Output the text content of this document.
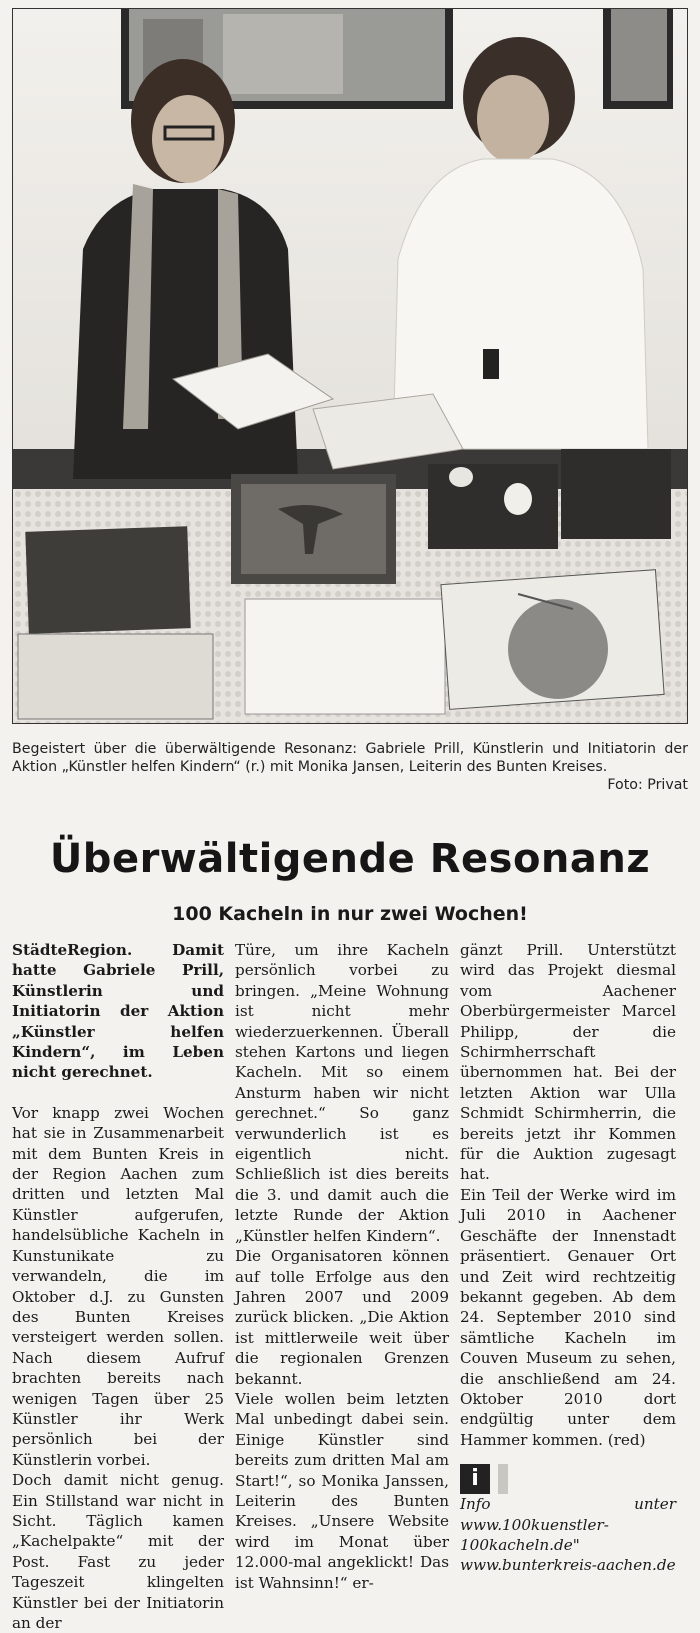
Begeistert über die überwältigende Resonanz: Gabriele Prill, Künstlerin und Initiatorin der Aktion „Künstler helfen Kindern“ (r.) mit Monika Jansen, Leiterin des Bunten Kreises.
Foto: Privat
Überwältigende Resonanz
100 Kacheln in nur zwei Wochen!

StädteRegion. Damit hatte Gabriele Prill, Künstlerin und Initiatorin der Aktion „Künstler helfen Kindern“, im Leben nicht gerechnet.

Vor knapp zwei Wochen hat sie in Zusammenarbeit mit dem Bunten Kreis in der Region Aachen zum dritten und letzten Mal Künstler aufgerufen, handelsübliche Kacheln in Kunstunikate zu verwandeln, die im Oktober d.J. zu Gunsten des Bunten Kreises versteigert werden sollen. Nach diesem Aufruf brachten bereits nach wenigen Tagen über 25 Künstler ihr Werk persönlich bei der Künstlerin vorbei.

Doch damit nicht genug. Ein Stillstand war nicht in Sicht. Täglich kamen „Kachelpakte“ mit der Post. Fast zu jeder Tageszeit klingelten Künstler bei der Initiatorin an der

Türe, um ihre Kacheln persönlich vorbei zu bringen. „Meine Wohnung ist nicht mehr wiederzuerkennen. Überall stehen Kartons und liegen Kacheln. Mit so einem Ansturm haben wir nicht gerechnet.“ So ganz verwunderlich ist es eigentlich nicht. Schließlich ist dies bereits die 3. und damit auch die letzte Runde der Aktion „Künstler helfen Kindern“.

Die Organisatoren können auf tolle Erfolge aus den Jahren 2007 und 2009 zurück blicken. „Die Aktion ist mittlerweile weit über die regionalen Grenzen bekannt.

Viele wollen beim letzten Mal unbedingt dabei sein. Einige Künstler sind bereits zum dritten Mal am Start!“, so Monika Janssen, Leiterin des Bunten Kreises. „Unsere Website wird im Monat über 12.000-mal angeklickt! Das ist Wahnsinn!“ er-

gänzt Prill. Unterstützt wird das Projekt diesmal vom Aachener Oberbürgermeister Marcel Philipp, der die Schirmherrschaft übernommen hat. Bei der letzten Aktion war Ulla Schmidt Schirmherrin, die bereits jetzt ihr Kommen für die Auktion zugesagt hat.

Ein Teil der Werke wird im Juli 2010 in Aachener Geschäfte der Innenstadt präsentiert. Genauer Ort und Zeit wird rechtzeitig bekannt gegeben. Ab dem 24. September 2010 sind sämtliche Kacheln im Couven Museum zu sehen, die anschließend am 24. Oktober 2010 dort endgültig unter dem Hammer kommen. (red)

i
Info	unter
www.100kuenstler-100kacheln.de"
www.bunterkreis-aachen.de
